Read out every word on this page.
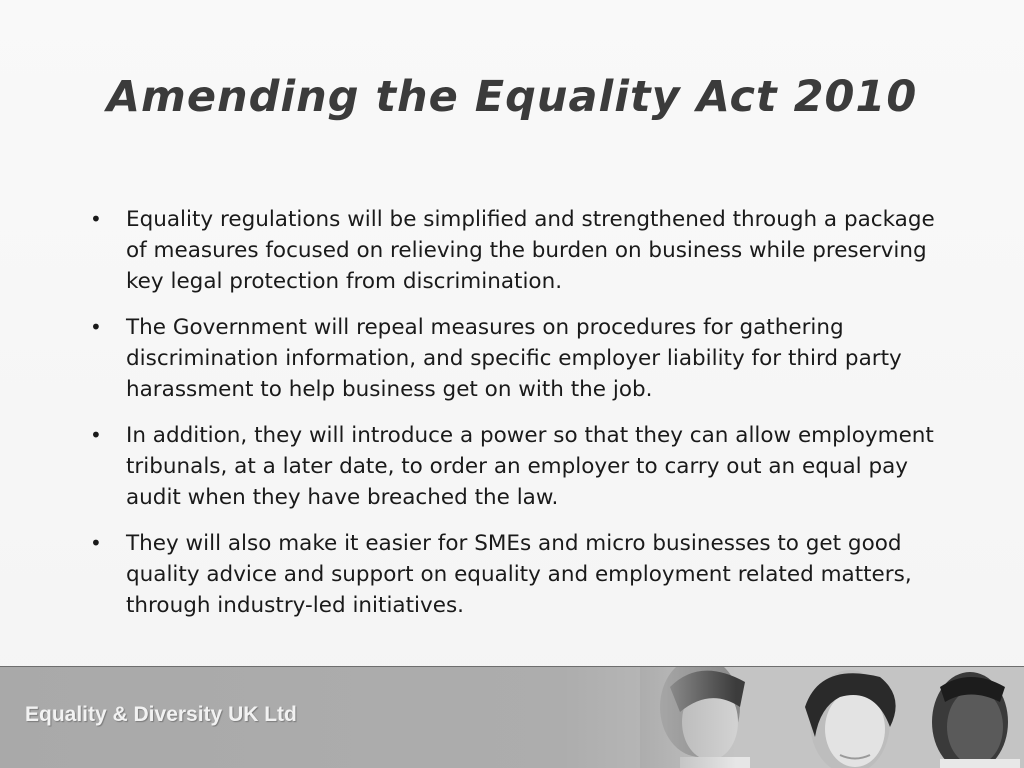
Amending the Equality Act 2010
• Equality regulations will be simplified and strengthened through a package of measures focused on relieving the burden on business while preserving key legal protection from discrimination.
• The Government will repeal measures on procedures for gathering discrimination information, and specific employer liability for third party harassment to help business get on with the job.
• In addition, they will introduce a power so that they can allow employment tribunals, at a later date, to order an employer to carry out an equal pay audit when they have breached the law.
• They will also make it easier for SMEs and micro businesses to get good quality advice and support on equality and employment related matters, through industry-led initiatives.
Equality & Diversity UK Ltd
